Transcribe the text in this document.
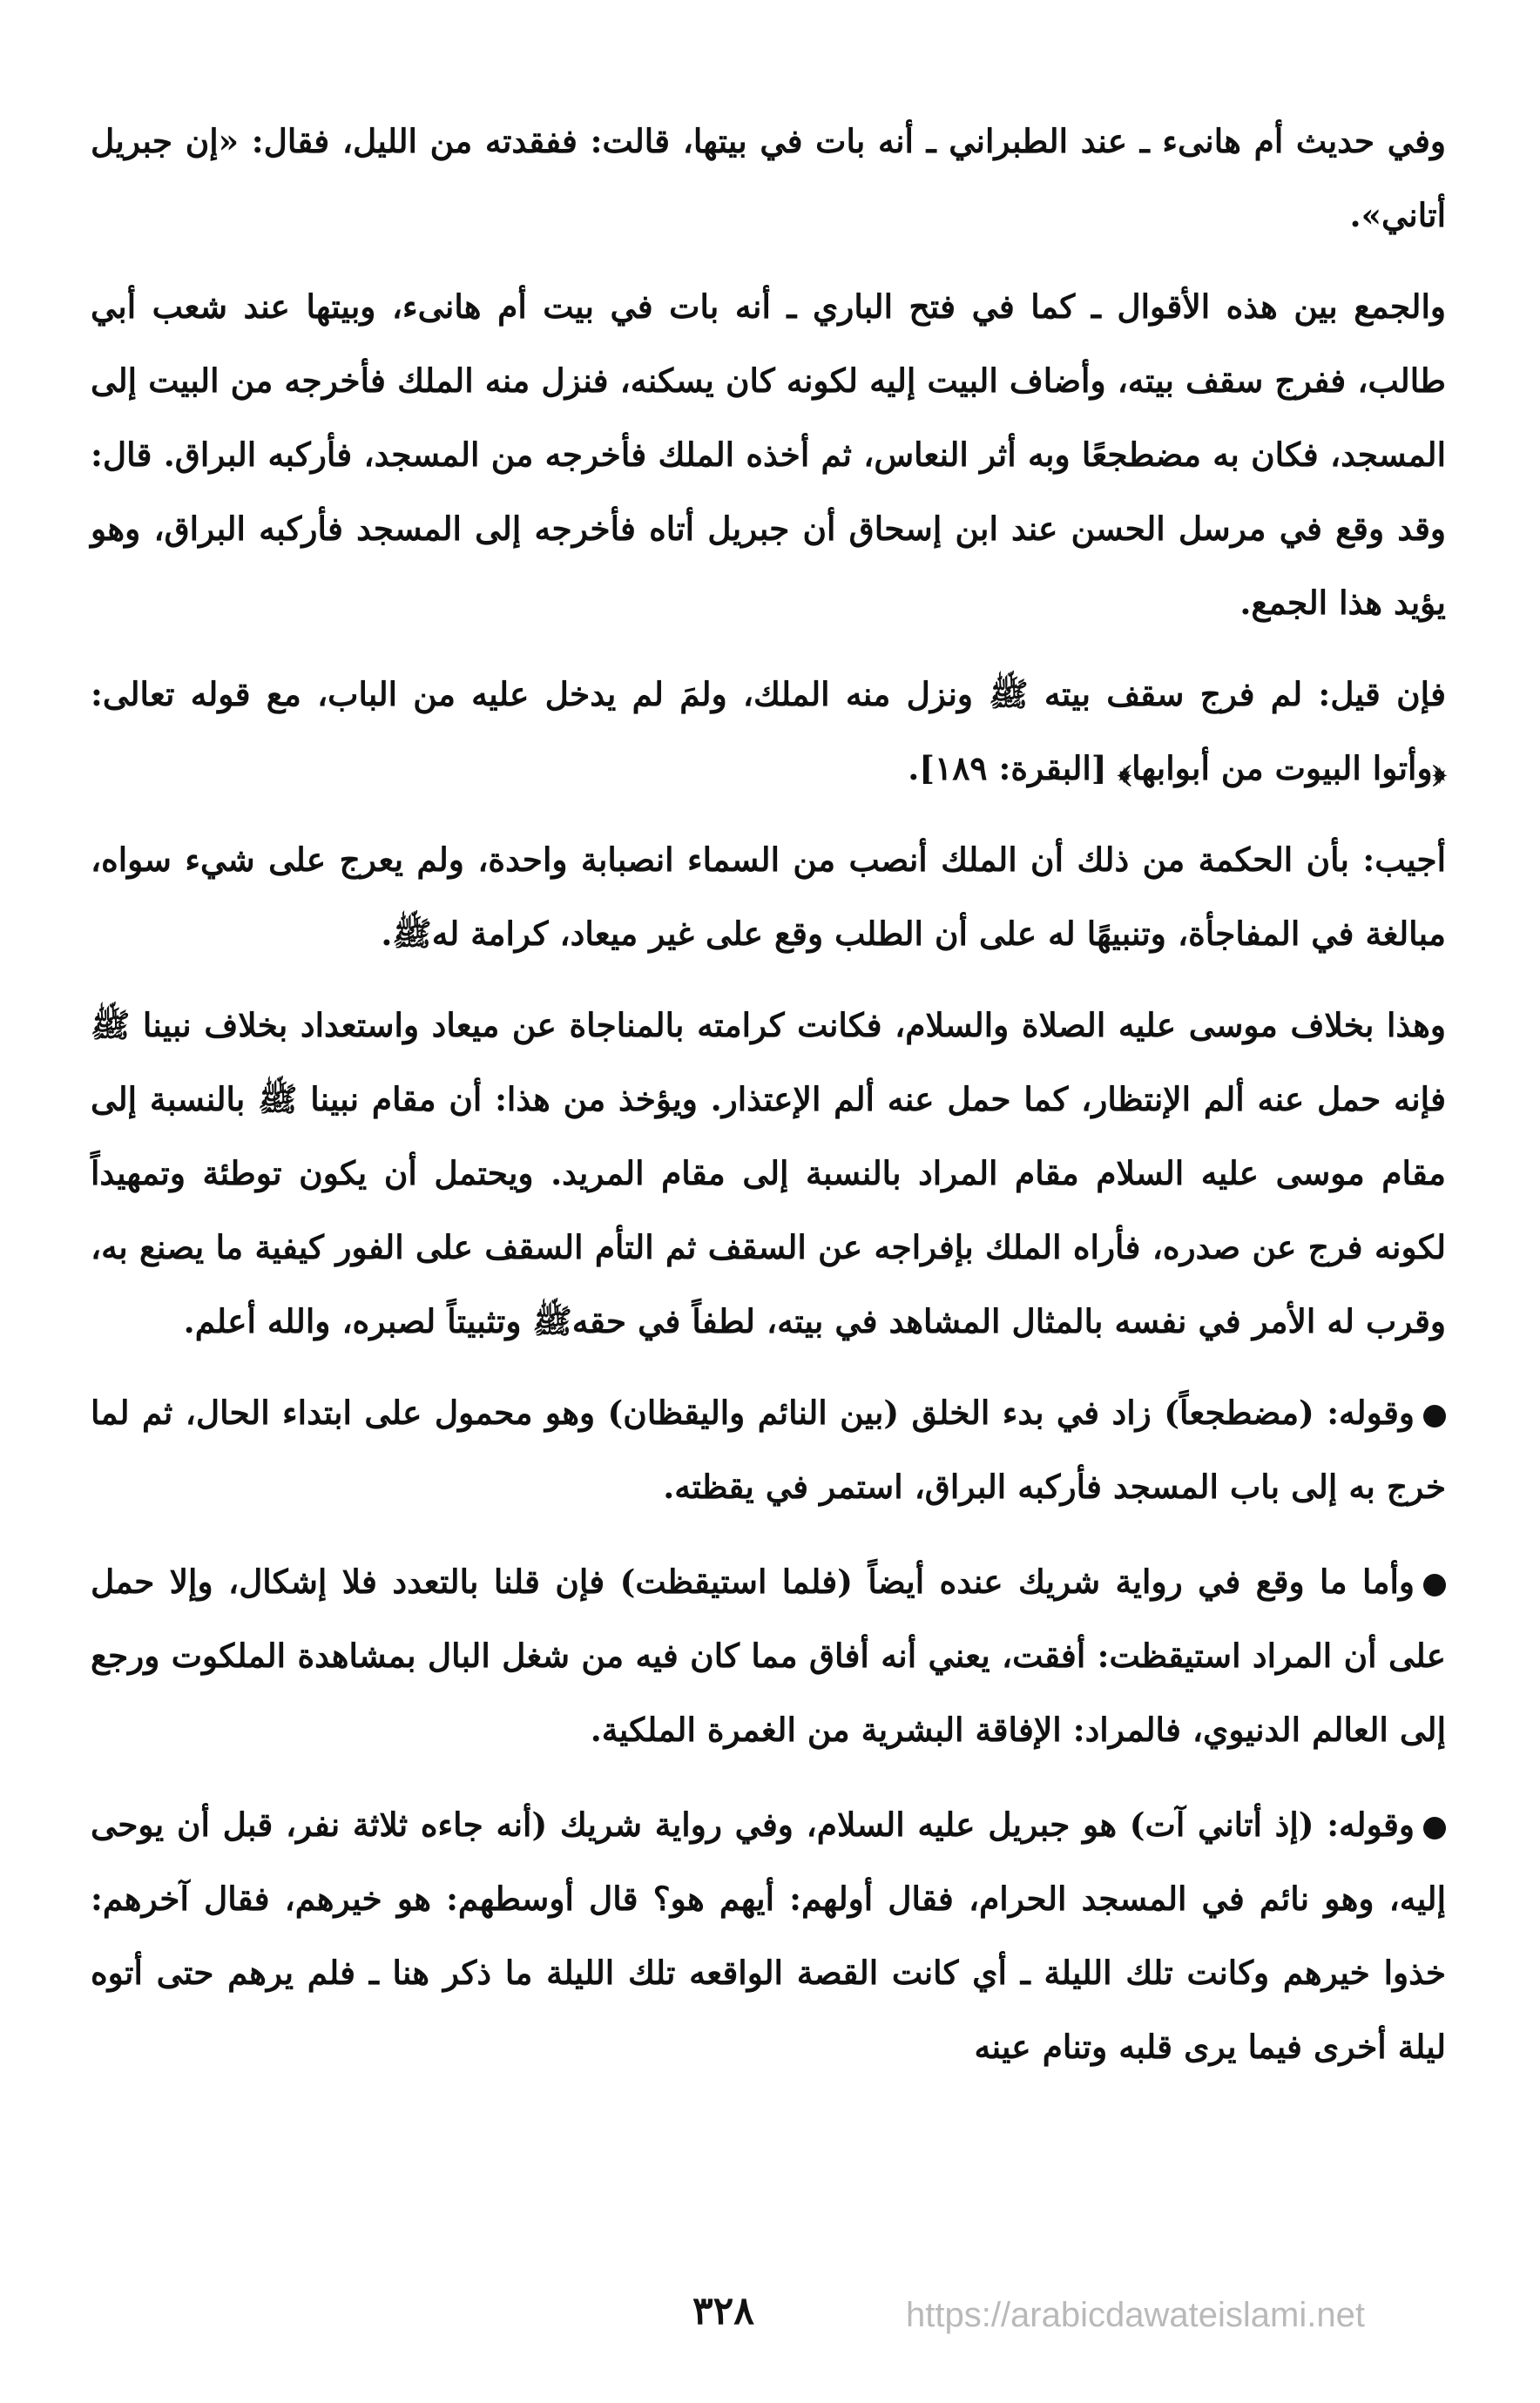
وفي حديث أم هانىء ـ عند الطبراني ـ أنه بات في بيتها، قالت: ففقدته من الليل، فقال: «إن جبريل أتاني».

والجمع بين هذه الأقوال ـ كما في فتح الباري ـ أنه بات في بيت أم هانىء، وبيتها عند شعب أبي طالب، ففرج سقف بيته، وأضاف البيت إليه لكونه كان يسكنه، فنزل منه الملك فأخرجه من البيت إلى المسجد، فكان به مضطجعًا وبه أثر النعاس، ثم أخذه الملك فأخرجه من المسجد، فأركبه البراق. قال: وقد وقع في مرسل الحسن عند ابن إسحاق أن جبريل أتاه فأخرجه إلى المسجد فأركبه البراق، وهو يؤيد هذا الجمع.

فإن قيل: لم فرج سقف بيته ﷺ ونزل منه الملك، ولمَ لم يدخل عليه من الباب، مع قوله تعالى: ﴿وأتوا البيوت من أبوابها﴾ [البقرة: ١٨٩].

أجيب: بأن الحكمة من ذلك أن الملك أنصب من السماء انصبابة واحدة، ولم يعرج على شيء سواه، مبالغة في المفاجأة، وتنبيهًا له على أن الطلب وقع على غير ميعاد، كرامة لهﷺ.

وهذا بخلاف موسى عليه الصلاة والسلام، فكانت كرامته بالمناجاة عن ميعاد واستعداد بخلاف نبينا ﷺ فإنه حمل عنه ألم الإنتظار، كما حمل عنه ألم الإعتذار. ويؤخذ من هذا: أن مقام نبينا ﷺ بالنسبة إلى مقام موسى عليه السلام مقام المراد بالنسبة إلى مقام المريد. ويحتمل أن يكون توطئة وتمهيداً لكونه فرج عن صدره، فأراه الملك بإفراجه عن السقف ثم التأم السقف على الفور كيفية ما يصنع به، وقرب له الأمر في نفسه بالمثال المشاهد في بيته، لطفاً في حقهﷺ وتثبيتاً لصبره، والله أعلم.

وقوله: (مضطجعاً) زاد في بدء الخلق (بين النائم واليقظان) وهو محمول على ابتداء الحال، ثم لما خرج به إلى باب المسجد فأركبه البراق، استمر في يقظته.

وأما ما وقع في رواية شريك عنده أيضاً (فلما استيقظت) فإن قلنا بالتعدد فلا إشكال، وإلا حمل على أن المراد استيقظت: أفقت، يعني أنه أفاق مما كان فيه من شغل البال بمشاهدة الملكوت ورجع إلى العالم الدنيوي، فالمراد: الإفاقة البشرية من الغمرة الملكية.

وقوله: (إذ أتاني آت) هو جبريل عليه السلام، وفي رواية شريك (أنه جاءه ثلاثة نفر، قبل أن يوحى إليه، وهو نائم في المسجد الحرام، فقال أولهم: أيهم هو؟ قال أوسطهم: هو خيرهم، فقال آخرهم: خذوا خيرهم وكانت تلك الليلة ـ أي كانت القصة الواقعه تلك الليلة ما ذكر هنا ـ فلم يرهم حتى أتوه ليلة أخرى فيما يرى قلبه وتنام عينه

٣٢٨	https://arabicdawateislami.net
